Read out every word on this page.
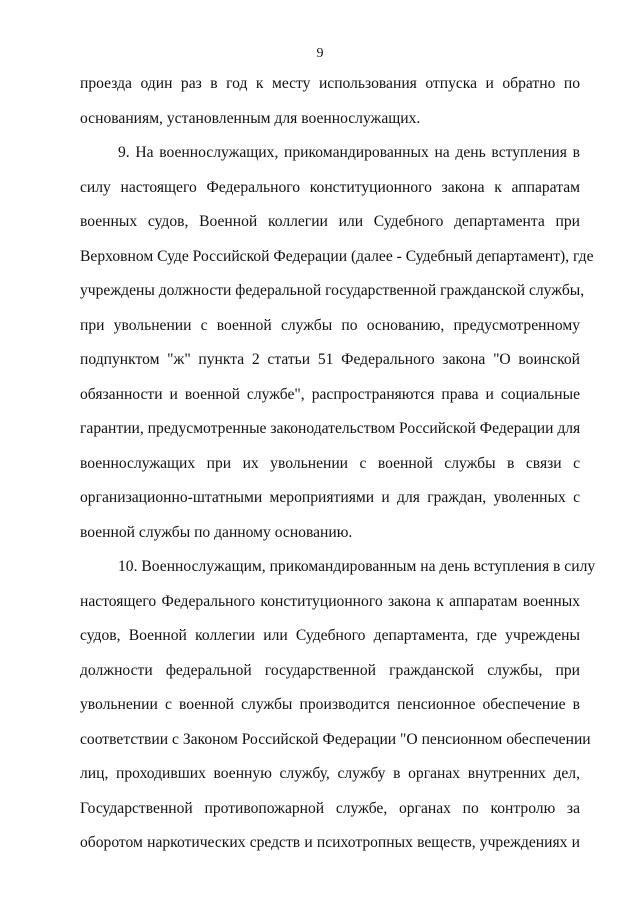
9
проезда один раз в год к месту использования отпуска и обратно по
основаниям, установленным для военнослужащих.
9. На военнослужащих, прикомандированных на день вступления в
силу настоящего Федерального конституционного закона к аппаратам
военных судов, Военной коллегии или Судебного департамента при
Верховном Суде Российской Федерации (далее - Судебный департамент), где
учреждены должности федеральной государственной гражданской службы,
при увольнении с военной службы по основанию, предусмотренному
подпунктом "ж" пункта 2 статьи 51 Федерального закона "О воинской
обязанности и военной службе", распространяются права и социальные
гарантии, предусмотренные законодательством Российской Федерации для
военнослужащих при их увольнении с военной службы в связи с
организационно-штатными мероприятиями и для граждан, уволенных с
военной службы по данному основанию.
10. Военнослужащим, прикомандированным на день вступления в силу
настоящего Федерального конституционного закона к аппаратам военных
судов, Военной коллегии или Судебного департамента, где учреждены
должности федеральной государственной гражданской службы, при
увольнении с военной службы производится пенсионное обеспечение в
соответствии с Законом Российской Федерации "О пенсионном обеспечении
лиц, проходивших военную службу, службу в органах внутренних дел,
Государственной противопожарной службе, органах по контролю за
оборотом наркотических средств и психотропных веществ, учреждениях и
